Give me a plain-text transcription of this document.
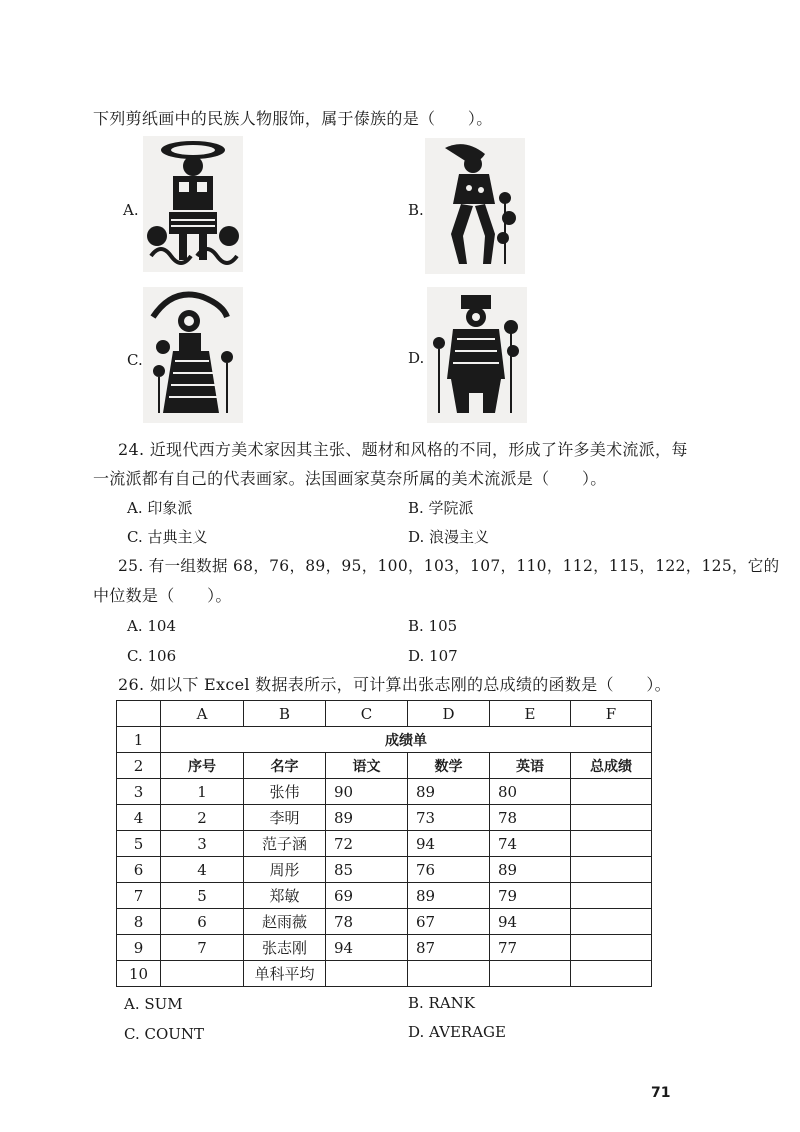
下列剪纸画中的民族人物服饰，属于傣族的是（　　）。
A.	B.
C.	D.
24. 近现代西方美术家因其主张、题材和风格的不同，形成了许多美术流派，每
一流派都有自己的代表画家。法国画家莫奈所属的美术流派是（　　）。
A. 印象派	B. 学院派
C. 古典主义	D. 浪漫主义
25. 有一组数据 68，76，89，95，100，103，107，110，112，115，122，125，它的
中位数是（　　）。
A. 104	B. 105
C. 106	D. 107
26. 如以下 Excel 数据表所示，可计算出张志刚的总成绩的函数是（　　）。
	A	B	C	D	E	F
1	成绩单					
2	序号	名字	语文	数学	英语	总成绩
3	1	张伟	90	89	80	
4	2	李明	89	73	78	
5	3	范子涵	72	94	74	
6	4	周彤	85	76	89	
7	5	郑敏	69	89	79	
8	6	赵雨薇	78	67	94	
9	7	张志刚	94	87	77	
10		单科平均				
A. SUM	B. RANK
C. COUNT	D. AVERAGE
71
